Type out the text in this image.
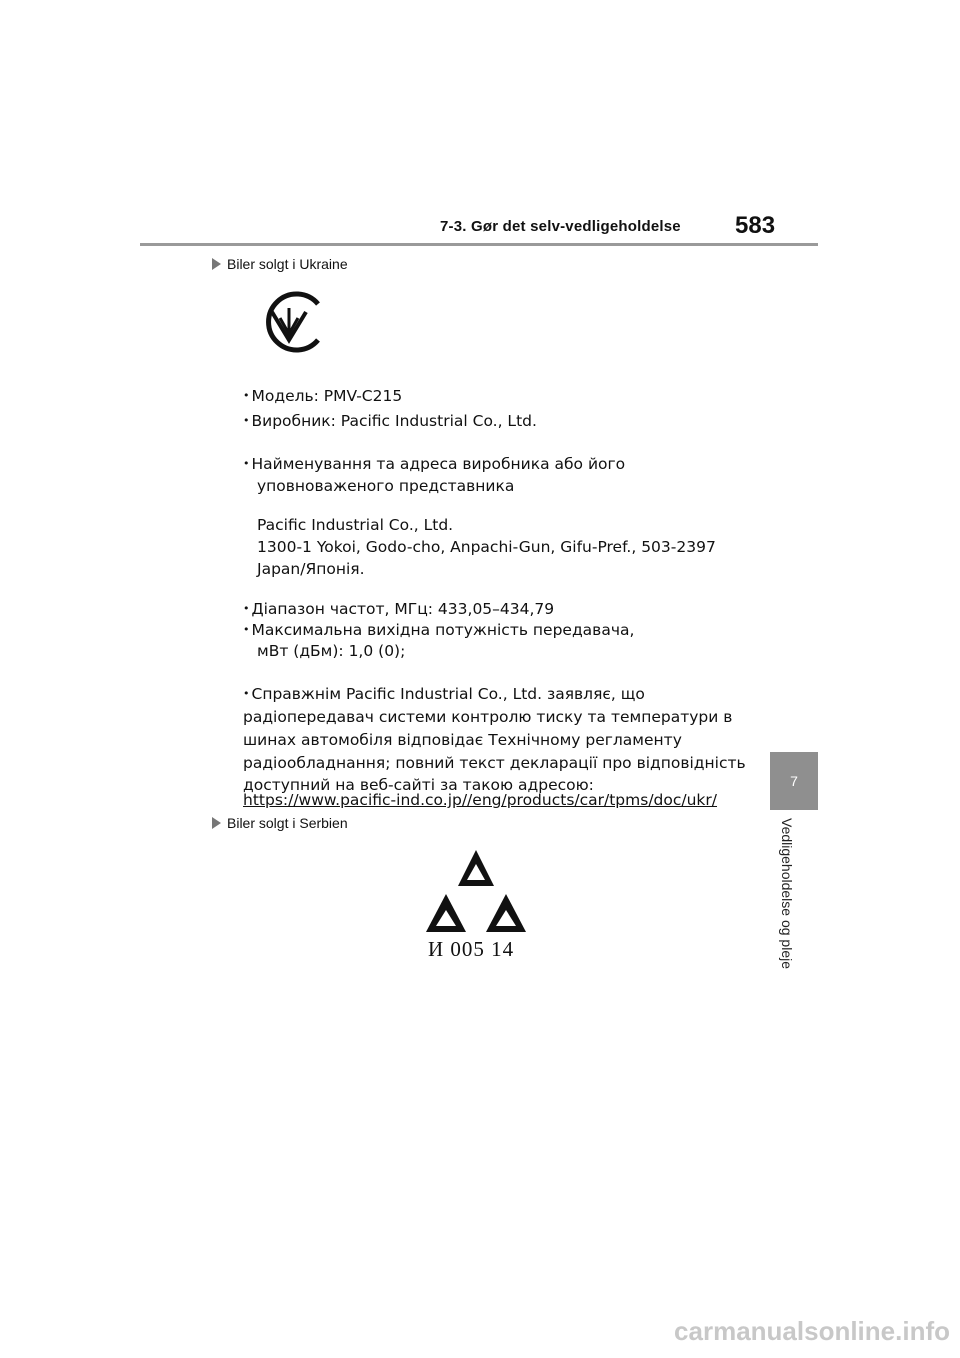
7-3. Gør det selv-vedligeholdelse 583
7
Vedligeholdelse og pleje
Biler solgt i Ukraine
• Модель: PMV-C215
• Виробник: Pacific Industrial Co., Ltd.
• Найменування та адреса виробника або його
уповноваженого представника
Pacific Industrial Co., Ltd.
1300-1 Yokoi, Godo-cho, Anpachi-Gun, Gifu-Pref., 503-2397
Japan/Японія.
• Діапазон частот, МГц: 433,05–434,79
• Максимальна вихідна потужність передавача,
мВт (дБм): 1,0 (0);
• Справжнім Pacific Industrial Co., Ltd. заявляє, що
радіопередавач системи контролю тиску та температури в
шинах автомобіля відповідає Технічному регламенту
радіообладнання; повний текст декларації про відповідність
доступний на веб-сайті за такою адресою:
https://www.pacific-ind.co.jp//eng/products/car/tpms/doc/ukr/
Biler solgt i Serbien
И 005 14
carmanualsonline.info
